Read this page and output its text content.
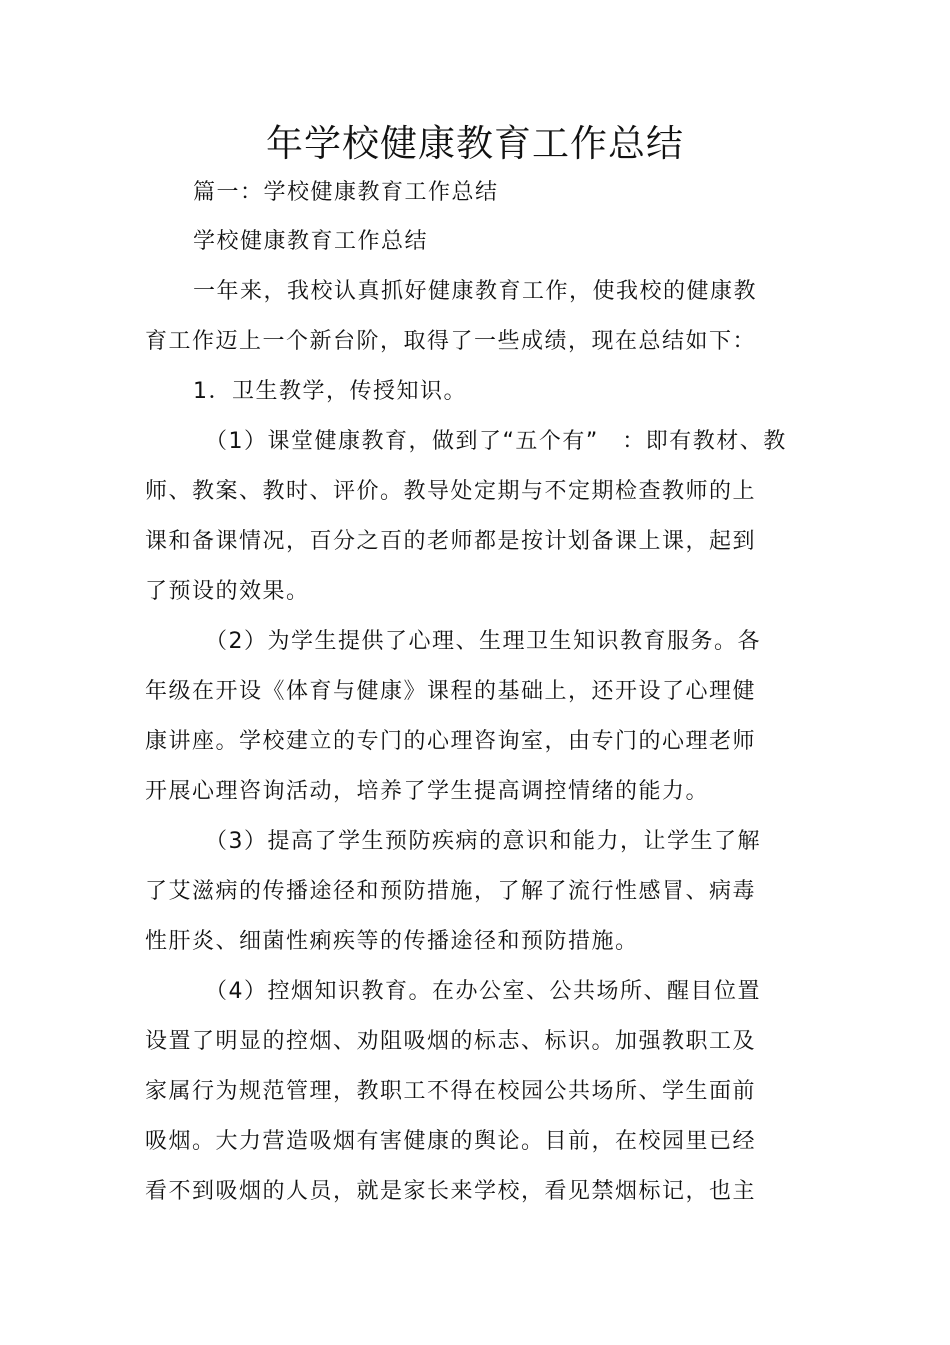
年学校健康教育工作总结
篇一：学校健康教育工作总结
学校健康教育工作总结
一年来，我校认真抓好健康教育工作，使我校的健康教
育工作迈上一个新台阶，取得了一些成绩，现在总结如下：
1．卫生教学，传授知识。
（1）课堂健康教育，做到了“五个有”　：即有教材、教
师、教案、教时、评价。教导处定期与不定期检查教师的上
课和备课情况，百分之百的老师都是按计划备课上课，起到
了预设的效果。
（2）为学生提供了心理、生理卫生知识教育服务。各
年级在开设《体育与健康》课程的基础上，还开设了心理健
康讲座。学校建立的专门的心理咨询室，由专门的心理老师
开展心理咨询活动，培养了学生提高调控情绪的能力。
（3）提高了学生预防疾病的意识和能力，让学生了解
了艾滋病的传播途径和预防措施，了解了流行性感冒、病毒
性肝炎、细菌性痢疾等的传播途径和预防措施。
（4）控烟知识教育。在办公室、公共场所、醒目位置
设置了明显的控烟、劝阻吸烟的标志、标识。加强教职工及
家属行为规范管理，教职工不得在校园公共场所、学生面前
吸烟。大力营造吸烟有害健康的舆论。目前，在校园里已经
看不到吸烟的人员，就是家长来学校，看见禁烟标记，也主
